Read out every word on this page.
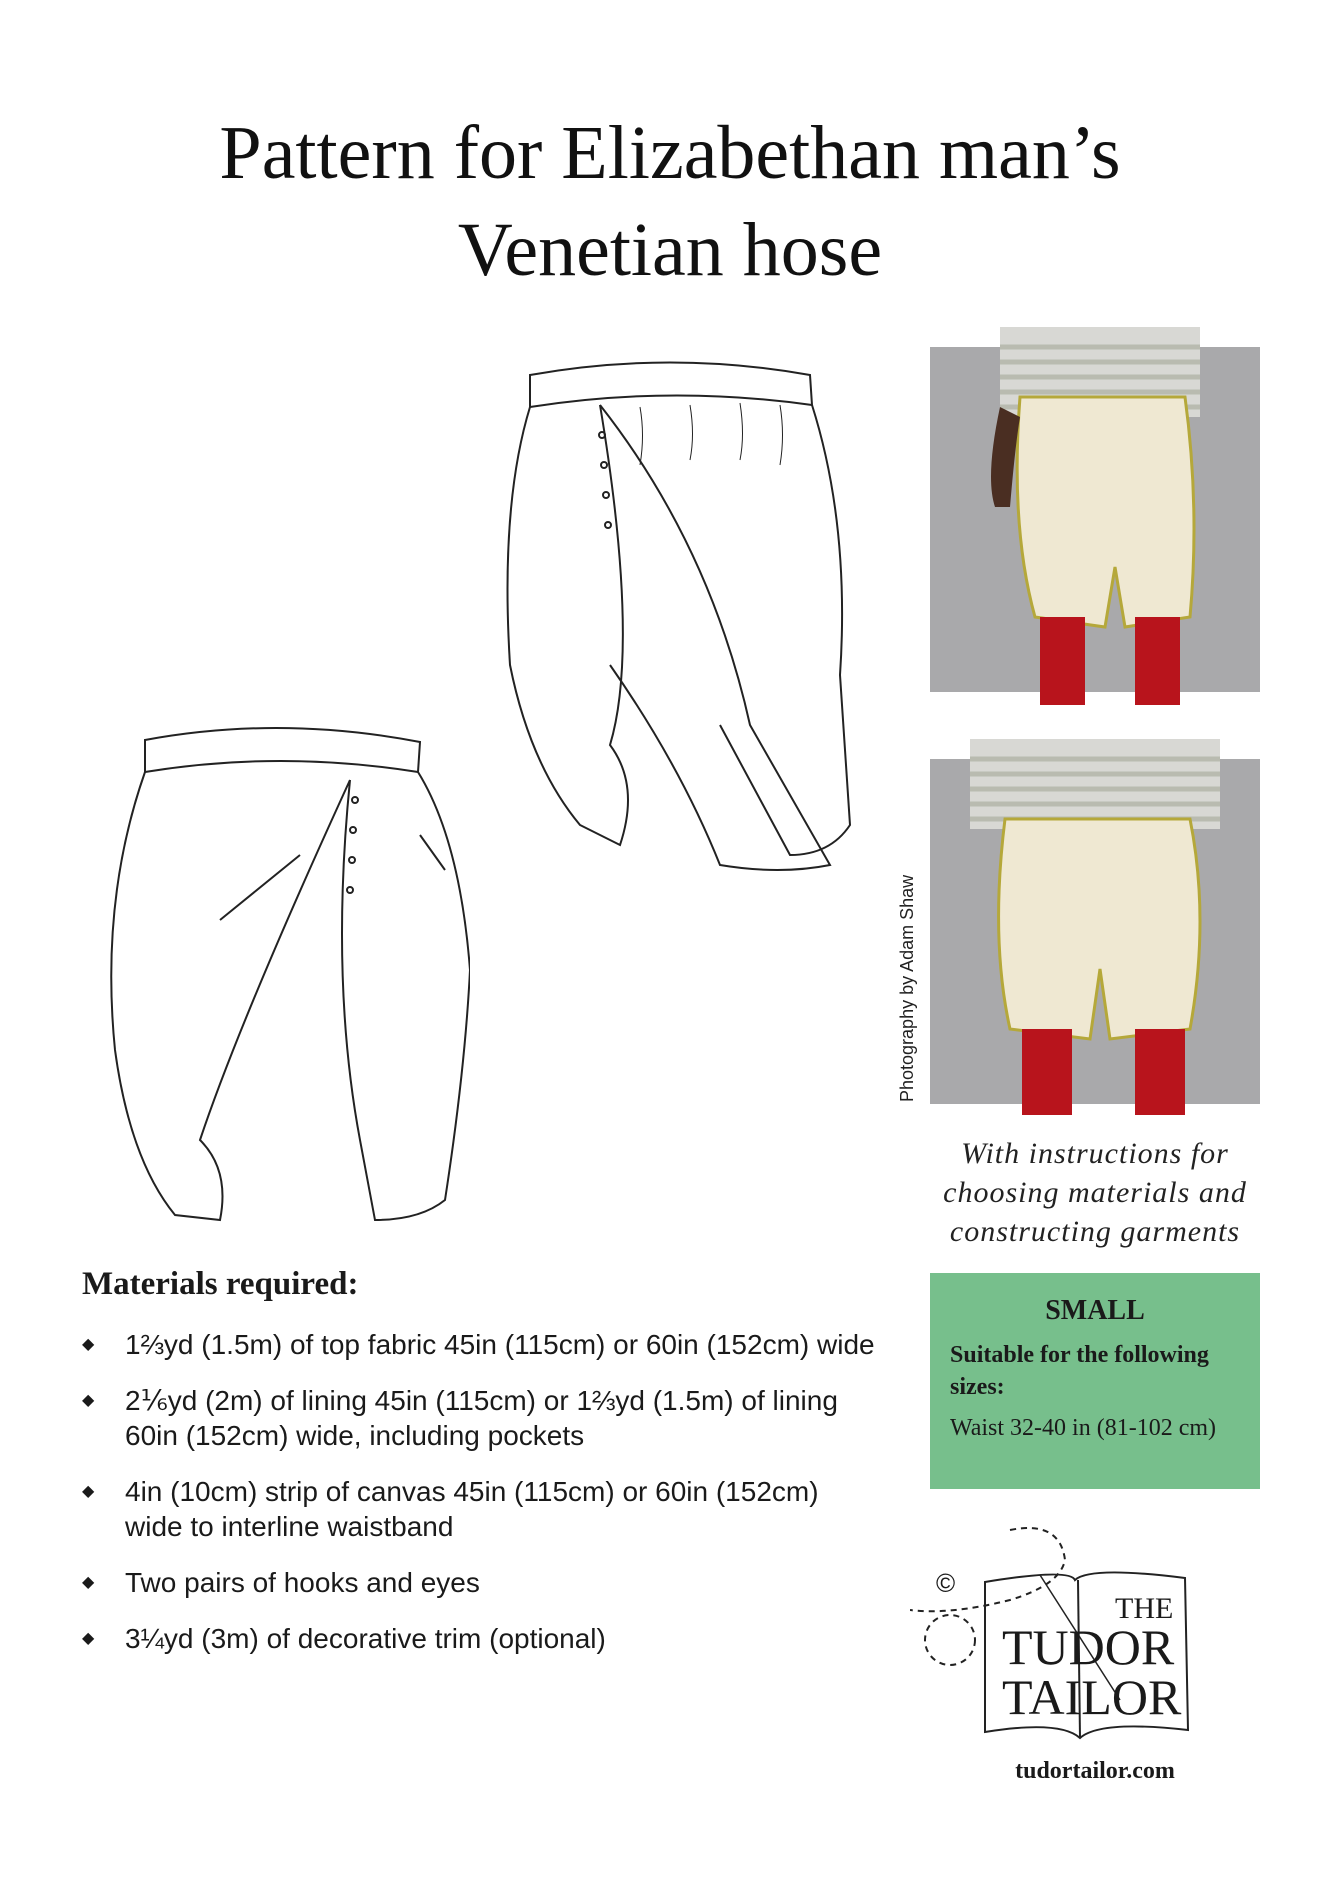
Pattern for Elizabethan man’s
Venetian hose
Photography by Adam Shaw
With instructions for
choosing materials and
constructing garments
SMALL
Suitable for the following sizes:
Waist 32-40 in (81-102 cm)
Materials required:
◆ 1⅔yd (1.5m) of top fabric 45in (115cm) or 60in (152cm) wide
◆ 2⅙yd (2m) of lining 45in (115cm) or 1⅔yd (1.5m) of lining 60in (152cm) wide, including pockets
◆ 4in (10cm) strip of canvas 45in (115cm) or 60in (152cm) wide to interline waistband
◆ Two pairs of hooks and eyes
◆ 3¼yd (3m) of decorative trim (optional)
©
THE
TUDOR
TAILOR
tudortailor.com
